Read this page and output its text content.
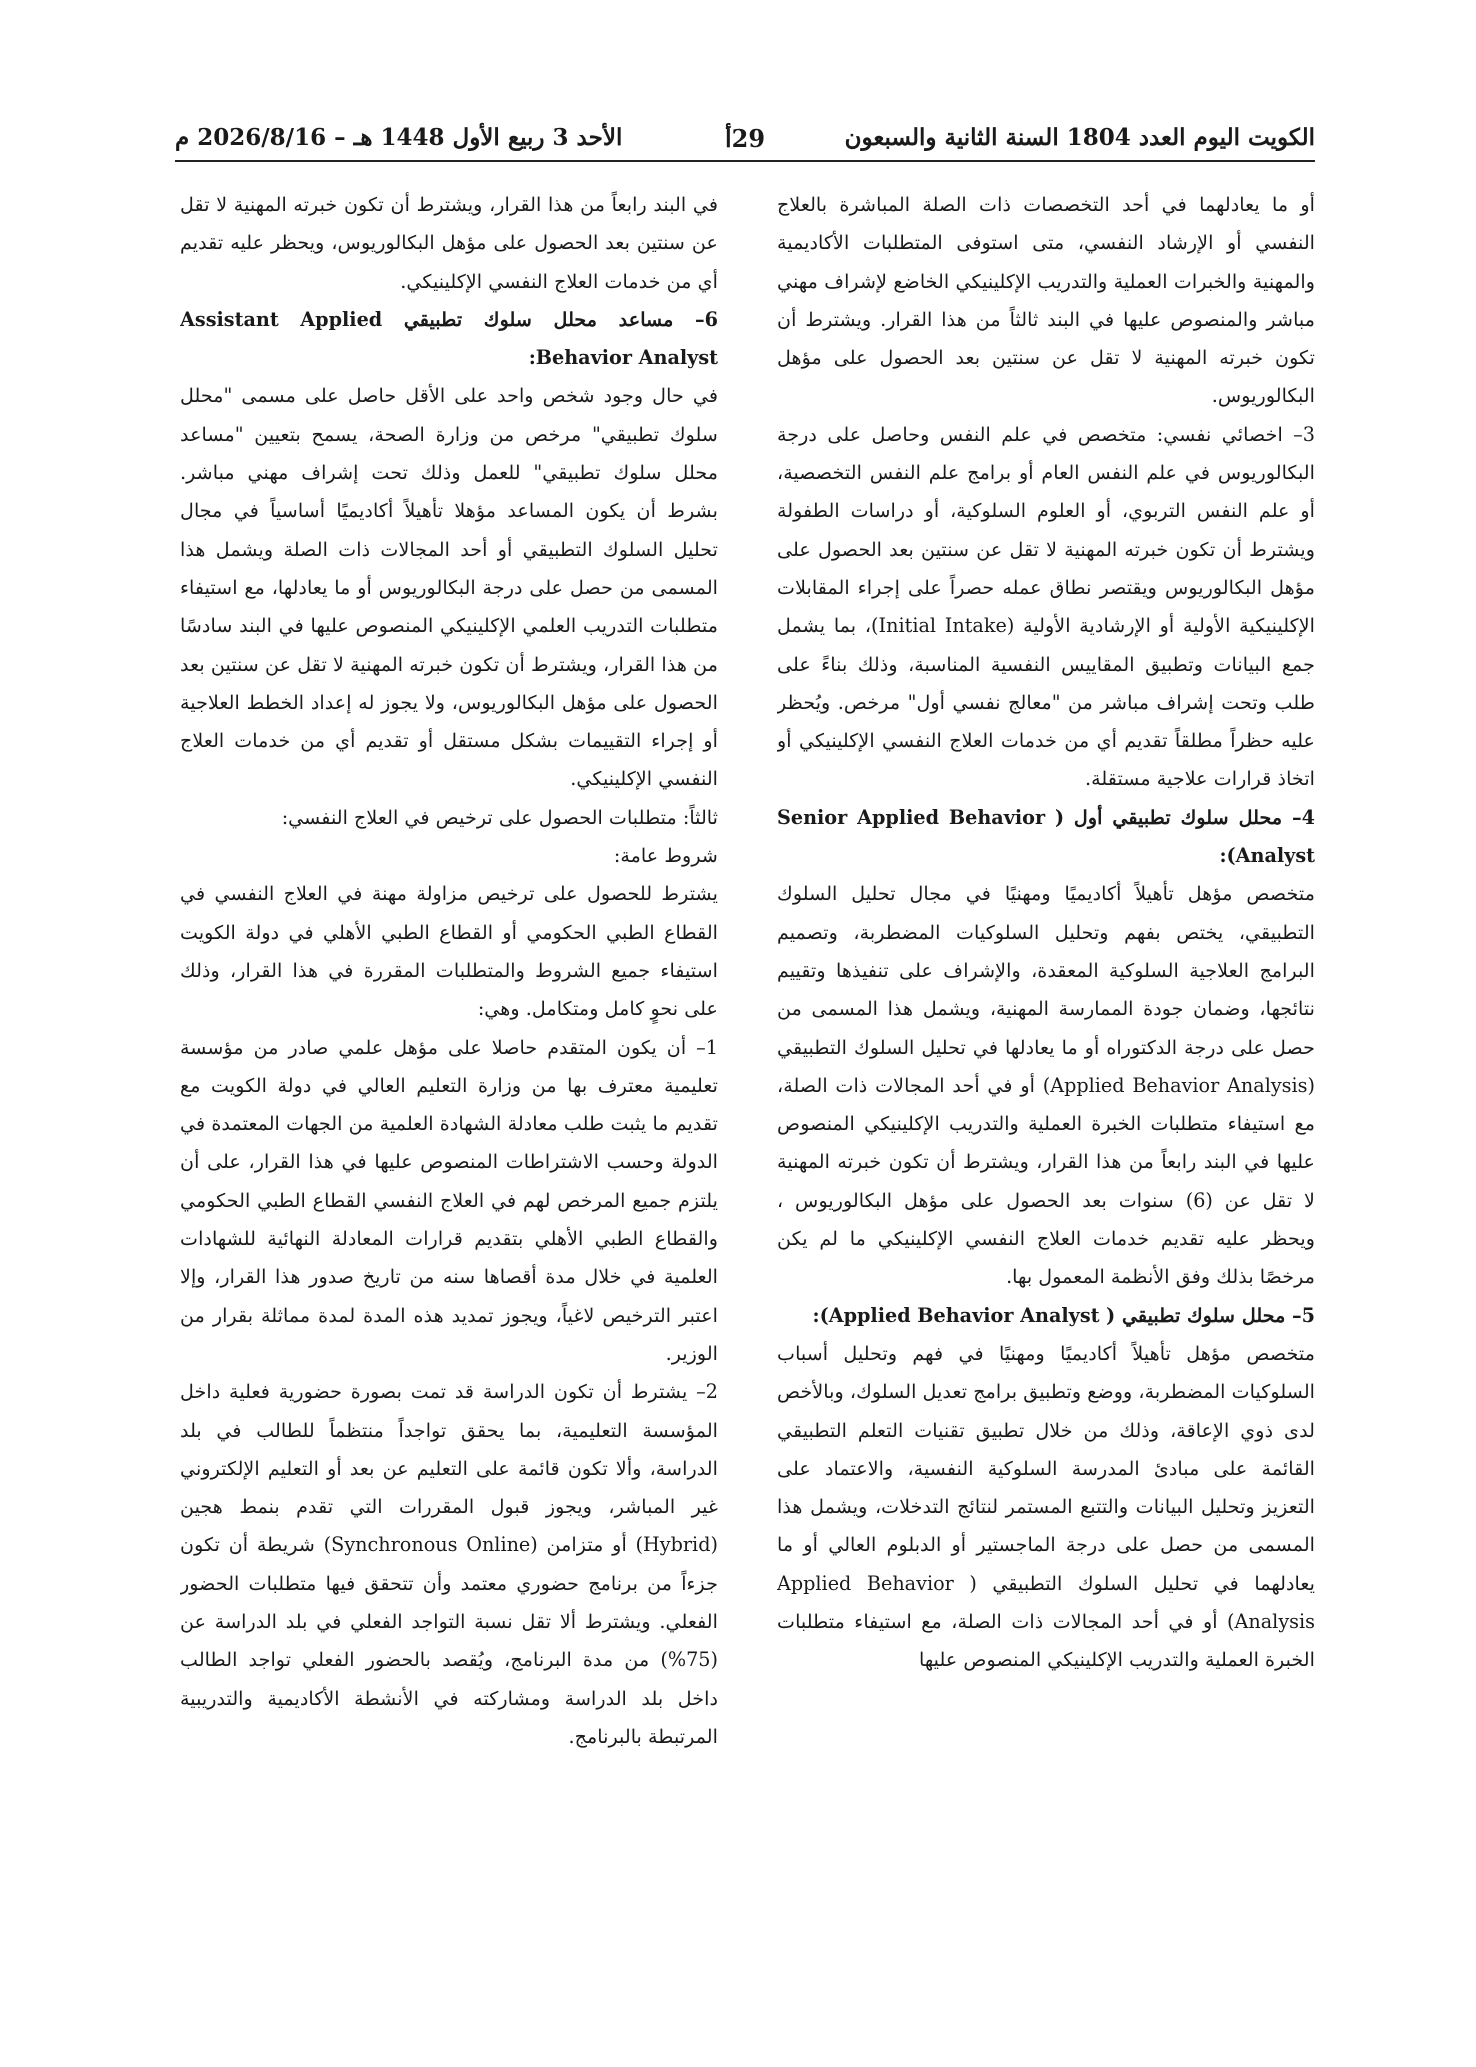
الكويت اليوم العدد 1804 السنة الثانية والسبعون
29أ
الأحد 3 ربيع الأول 1448 هـ – 2026/8/16 م

أو ما يعادلهما في أحد التخصصات ذات الصلة المباشرة بالعلاج النفسي أو الإرشاد النفسي، متى استوفى المتطلبات الأكاديمية والمهنية والخبرات العملية والتدريب الإكلينيكي الخاضع لإشراف مهني مباشر والمنصوص عليها في البند ثالثاً من هذا القرار. ويشترط أن تكون خبرته المهنية لا تقل عن سنتين بعد الحصول على مؤهل البكالوريوس.

3– اخصائي نفسي: متخصص في علم النفس وحاصل على درجة البكالوريوس في علم النفس العام أو برامج علم النفس التخصصية، أو علم النفس التربوي، أو العلوم السلوكية، أو دراسات الطفولة ويشترط أن تكون خبرته المهنية لا تقل عن سنتين بعد الحصول على مؤهل البكالوريوس ويقتصر نطاق عمله حصراً على إجراء المقابلات الإكلينيكية الأولية أو الإرشادية الأولية (Initial Intake)، بما يشمل جمع البيانات وتطبيق المقاييس النفسية المناسبة، وذلك بناءً على طلب وتحت إشراف مباشر من "معالج نفسي أول" مرخص. ويُحظر عليه حظراً مطلقاً تقديم أي من خدمات العلاج النفسي الإكلينيكي أو اتخاذ قرارات علاجية مستقلة.

4– محلل سلوك تطبيقي أول ( Senior Applied Behavior Analyst):

متخصص مؤهل تأهيلاً أكاديميًا ومهنيًا في مجال تحليل السلوك التطبيقي، يختص بفهم وتحليل السلوكيات المضطربة، وتصميم البرامج العلاجية السلوكية المعقدة، والإشراف على تنفيذها وتقييم نتائجها، وضمان جودة الممارسة المهنية، ويشمل هذا المسمى من حصل على درجة الدكتوراه أو ما يعادلها في تحليل السلوك التطبيقي (Applied Behavior Analysis) أو في أحد المجالات ذات الصلة، مع استيفاء متطلبات الخبرة العملية والتدريب الإكلينيكي المنصوص عليها في البند رابعاً من هذا القرار، ويشترط أن تكون خبرته المهنية لا تقل عن (6) سنوات بعد الحصول على مؤهل البكالوريوس ، ويحظر عليه تقديم خدمات العلاج النفسي الإكلينيكي ما لم يكن مرخصًا بذلك وفق الأنظمة المعمول بها.

5– محلل سلوك تطبيقي ( Applied Behavior Analyst):

متخصص مؤهل تأهيلاً أكاديميًا ومهنيًا في فهم وتحليل أسباب السلوكيات المضطربة، ووضع وتطبيق برامج تعديل السلوك، وبالأخص لدى ذوي الإعاقة، وذلك من خلال تطبيق تقنيات التعلم التطبيقي القائمة على مبادئ المدرسة السلوكية النفسية، والاعتماد على التعزيز وتحليل البيانات والتتبع المستمر لنتائج التدخلات، ويشمل هذا المسمى من حصل على درجة الماجستير أو الدبلوم العالي أو ما يعادلهما في تحليل السلوك التطبيقي ( Applied Behavior Analysis) أو في أحد المجالات ذات الصلة، مع استيفاء متطلبات الخبرة العملية والتدريب الإكلينيكي المنصوص عليها

في البند رابعاً من هذا القرار، ويشترط أن تكون خبرته المهنية لا تقل عن سنتين بعد الحصول على مؤهل البكالوريوس، ويحظر عليه تقديم أي من خدمات العلاج النفسي الإكلينيكي.

6– مساعد محلل سلوك تطبيقي Assistant Applied Behavior Analyst:

في حال وجود شخص واحد على الأقل حاصل على مسمى "محلل سلوك تطبيقي" مرخص من وزارة الصحة، يسمح بتعيين "مساعد محلل سلوك تطبيقي" للعمل وذلك تحت إشراف مهني مباشر. بشرط أن يكون المساعد مؤهلا تأهيلاً أكاديميًا أساسياً في مجال تحليل السلوك التطبيقي أو أحد المجالات ذات الصلة ويشمل هذا المسمى من حصل على درجة البكالوريوس أو ما يعادلها، مع استيفاء متطلبات التدريب العلمي الإكلينيكي المنصوص عليها في البند سادسًا من هذا القرار، ويشترط أن تكون خبرته المهنية لا تقل عن سنتين بعد الحصول على مؤهل البكالوريوس، ولا يجوز له إعداد الخطط العلاجية أو إجراء التقييمات بشكل مستقل أو تقديم أي من خدمات العلاج النفسي الإكلينيكي.

ثالثاً: متطلبات الحصول على ترخيص في العلاج النفسي:

شروط عامة:

يشترط للحصول على ترخيص مزاولة مهنة في العلاج النفسي في القطاع الطبي الحكومي أو القطاع الطبي الأهلي في دولة الكويت استيفاء جميع الشروط والمتطلبات المقررة في هذا القرار، وذلك على نحوٍ كامل ومتكامل. وهي:

1– أن يكون المتقدم حاصلا على مؤهل علمي صادر من مؤسسة تعليمية معترف بها من وزارة التعليم العالي في دولة الكويت مع تقديم ما يثبت طلب معادلة الشهادة العلمية من الجهات المعتمدة في الدولة وحسب الاشتراطات المنصوص عليها في هذا القرار، على أن يلتزم جميع المرخص لهم في العلاج النفسي القطاع الطبي الحكومي والقطاع الطبي الأهلي بتقديم قرارات المعادلة النهائية للشهادات العلمية في خلال مدة أقصاها سنه من تاريخ صدور هذا القرار، وإلا اعتبر الترخيص لاغياً، ويجوز تمديد هذه المدة لمدة مماثلة بقرار من الوزير.

2– يشترط أن تكون الدراسة قد تمت بصورة حضورية فعلية داخل المؤسسة التعليمية، بما يحقق تواجداً منتظماً للطالب في بلد الدراسة، وألا تكون قائمة على التعليم عن بعد أو التعليم الإلكتروني غير المباشر، ويجوز قبول المقررات التي تقدم بنمط هجين (Hybrid) أو متزامن (Synchronous Online) شريطة أن تكون جزءاً من برنامج حضوري معتمد وأن تتحقق فيها متطلبات الحضور الفعلي. ويشترط ألا تقل نسبة التواجد الفعلي في بلد الدراسة عن (75%) من مدة البرنامج، ويُقصد بالحضور الفعلي تواجد الطالب داخل بلد الدراسة ومشاركته في الأنشطة الأكاديمية والتدريبية المرتبطة بالبرنامج.
